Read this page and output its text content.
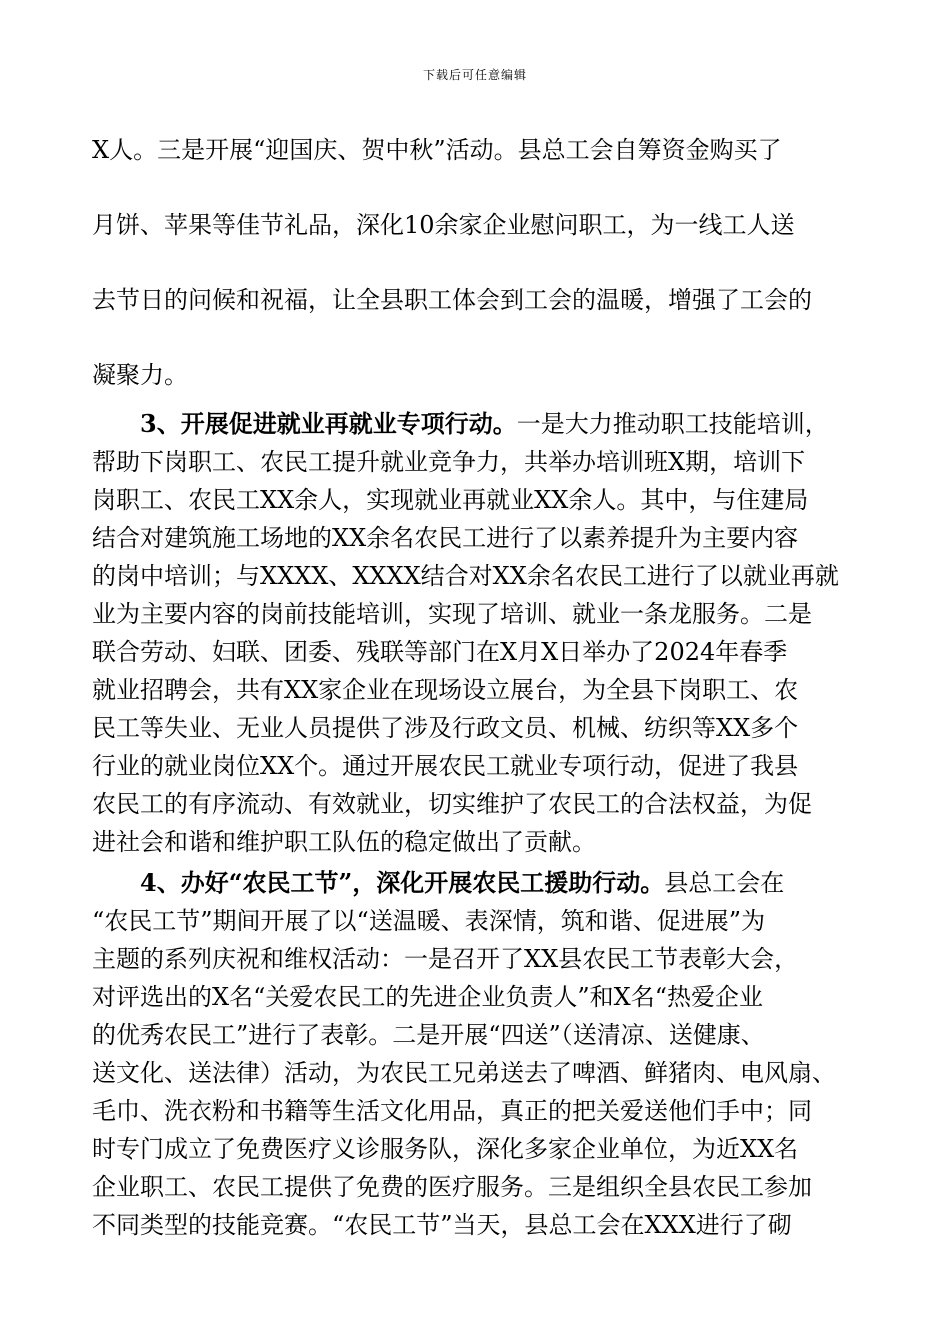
下载后可任意编辑
X人。三是开展“迎国庆、贺中秋”活动。县总工会自筹资金购买了
月饼、苹果等佳节礼品，深化10余家企业慰问职工，为一线工人送
去节日的问候和祝福，让全县职工体会到工会的温暖，增强了工会的
凝聚力。
3、开展促进就业再就业专项行动。一是大力推动职工技能培训，
帮助下岗职工、农民工提升就业竞争力，共举办培训班X期，培训下
岗职工、农民工XX余人，实现就业再就业XX余人。其中，与住建局
结合对建筑施工场地的XX余名农民工进行了以素养提升为主要内容
的岗中培训；与XXXX、XXXX结合对XX余名农民工进行了以就业再就
业为主要内容的岗前技能培训，实现了培训、就业一条龙服务。二是
联合劳动、妇联、团委、残联等部门在X月X日举办了2024年春季
就业招聘会，共有XX家企业在现场设立展台，为全县下岗职工、农
民工等失业、无业人员提供了涉及行政文员、机械、纺织等XX多个
行业的就业岗位XX个。通过开展农民工就业专项行动，促进了我县
农民工的有序流动、有效就业，切实维护了农民工的合法权益，为促
进社会和谐和维护职工队伍的稳定做出了贡献。
4、办好“农民工节”，深化开展农民工援助行动。县总工会在
“农民工节”期间开展了以“送温暖、表深情，筑和谐、促进展”为
主题的系列庆祝和维权活动：一是召开了XX县农民工节表彰大会，
对评选出的X名“关爱农民工的先进企业负责人”和X名“热爱企业
的优秀农民工”进行了表彰。二是开展“四送”（送清凉、送健康、
送文化、送法律）活动，为农民工兄弟送去了啤酒、鲜猪肉、电风扇、
毛巾、洗衣粉和书籍等生活文化用品，真正的把关爱送他们手中；同
时专门成立了免费医疗义诊服务队，深化多家企业单位，为近XX名
企业职工、农民工提供了免费的医疗服务。三是组织全县农民工参加
不同类型的技能竞赛。“农民工节”当天，县总工会在XXX进行了砌
